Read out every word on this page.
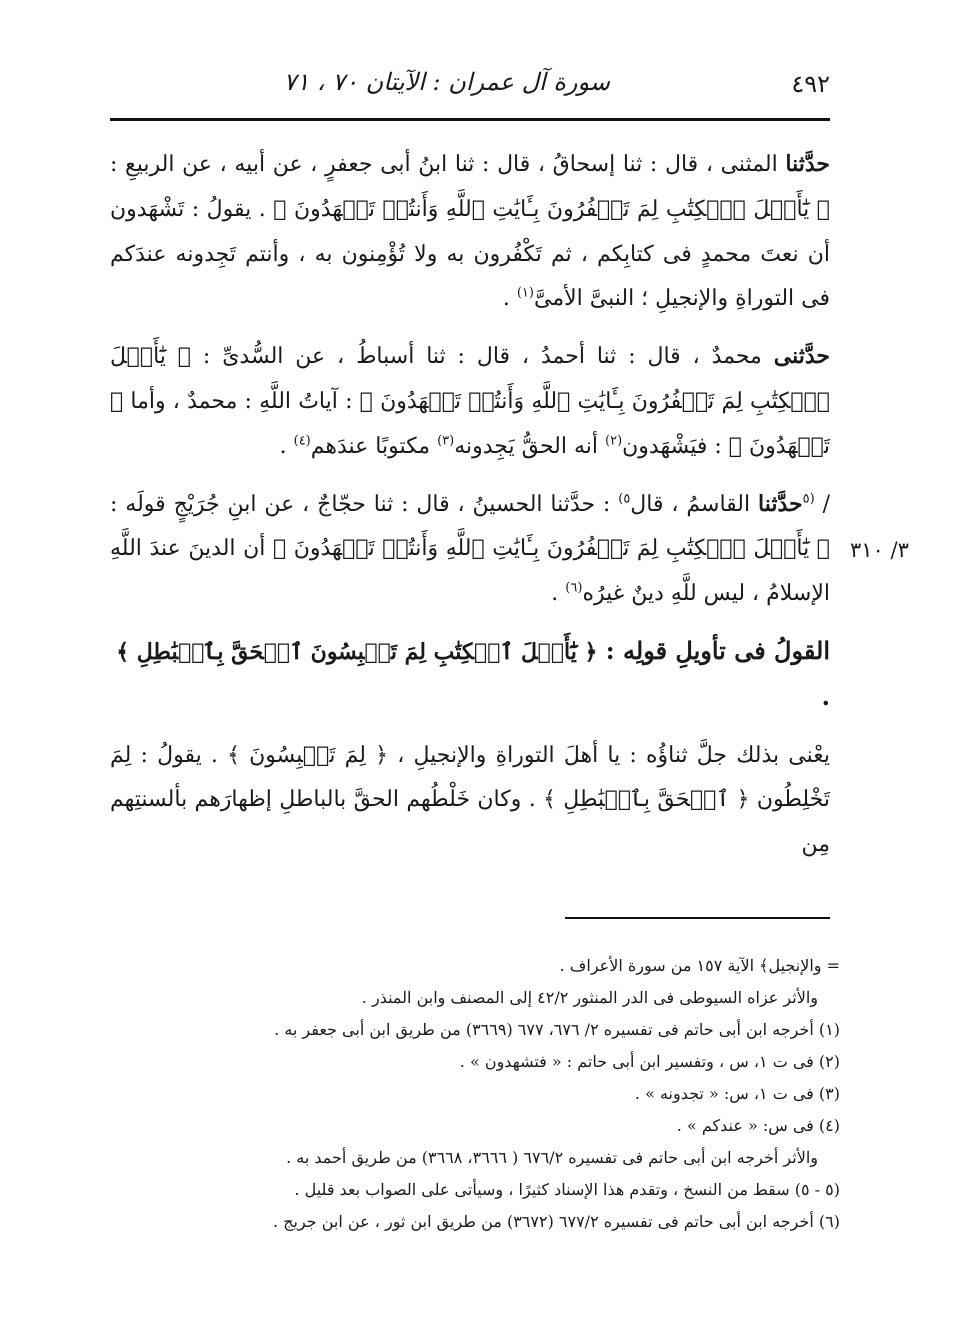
٤٩٢
سورة آل عمران : الآيتان ٧٠ ، ٧١
٣/ ٣١٠

حدَّثنا المثنى ، قال : ثنا إسحاقُ ، قال : ثنا ابنُ أبى جعفرٍ ، عن أبيه ، عن الربيعِ : ﴿ يَٰٓأَهۡلَ ٱلۡكِتَٰبِ لِمَ تَكۡفُرُونَ بِـَٔايَٰتِ ٱللَّهِ وَأَنتُمۡ تَشۡهَدُونَ ﴾ . يقولُ : تَشْهَدون أن نعتَ محمدٍ فى كتابِكم ، ثم تَكْفُرون به ولا تُؤْمِنون به ، وأنتم تَجِدونه عندَكم فى التوراةِ والإنجيلِ ؛ النبىَّ الأمىَّ$^{(١)}$ .

حدَّثنى محمدٌ ، قال : ثنا أحمدُ ، قال : ثنا أسباطُ ، عن السُّدىِّ : ﴿ يَٰٓأَهۡلَ ٱلۡكِتَٰبِ لِمَ تَكۡفُرُونَ بِـَٔايَٰتِ ٱللَّهِ وَأَنتُمۡ تَشۡهَدُونَ ﴾ : آياتُ اللَّهِ : محمدٌ ، وأما ﴿ تَشۡهَدُونَ ﴾ : فيَشْهَدون$^{(٢)}$ أنه الحقُّ يَجِدونه$^{(٣)}$ مكتوبًا عندَهم$^{(٤)}$ .

/ $^{(٥}$حدَّثنا القاسمُ ، قال$^{٥)}$ : حدَّثنا الحسينُ ، قال : ثنا حجّاجٌ ، عن ابنِ جُرَيْجٍ قولَه : ﴿ يَٰٓأَهۡلَ ٱلۡكِتَٰبِ لِمَ تَكۡفُرُونَ بِـَٔايَٰتِ ٱللَّهِ وَأَنتُمۡ تَشۡهَدُونَ ﴾ أن الدينَ عندَ اللَّهِ الإسلامُ ، ليس للَّهِ دينٌ غيرُه$^{(٦)}$ .

القولُ فى تأويلِ قولِه : ﴿ يَٰٓأَهۡلَ ٱلۡكِتَٰبِ لِمَ تَلۡبِسُونَ ٱلۡحَقَّ بِٱلۡبَٰطِلِ ﴾ .

يعْنى بذلك جلَّ ثناؤُه : يا أهلَ التوراةِ والإنجيلِ ، ﴿ لِمَ تَلۡبِسُونَ ﴾ . يقولُ : لِمَ تَخْلِطُون ﴿ ٱلۡحَقَّ بِٱلۡبَٰطِلِ ﴾ . وكان خَلْطُهم الحقَّ بالباطلِ إظهارَهم بألسنتِهم مِن

= والإنجيل﴾ الآية ١٥٧ من سورة الأعراف .

والأثر عزاه السيوطى فى الدر المنثور ٤٢/٢ إلى المصنف وابن المنذر .

(١) أخرجه ابن أبى حاتم فى تفسيره ٢/ ٦٧٦، ٦٧٧ (٣٦٦٩) من طريق ابن أبى جعفر به .

(٢) فى ت ١، س ، وتفسير ابن أبى حاتم : « فتشهدون » .

(٣) فى ت ١، س: « تجدونه » .

(٤) فى س: « عندكم » .

والأثر أخرجه ابن أبى حاتم فى تفسيره ٦٧٦/٢ ( ٣٦٦٦، ٣٦٦٨) من طريق أحمد به .

(٥ - ٥) سقط من النسخ ، وتقدم هذا الإسناد كثيرًا ، وسيأتى على الصواب بعد قليل .

(٦) أخرجه ابن أبى حاتم فى تفسيره ٦٧٧/٢ (٣٦٧٢) من طريق ابن ثور ، عن ابن جريج .
